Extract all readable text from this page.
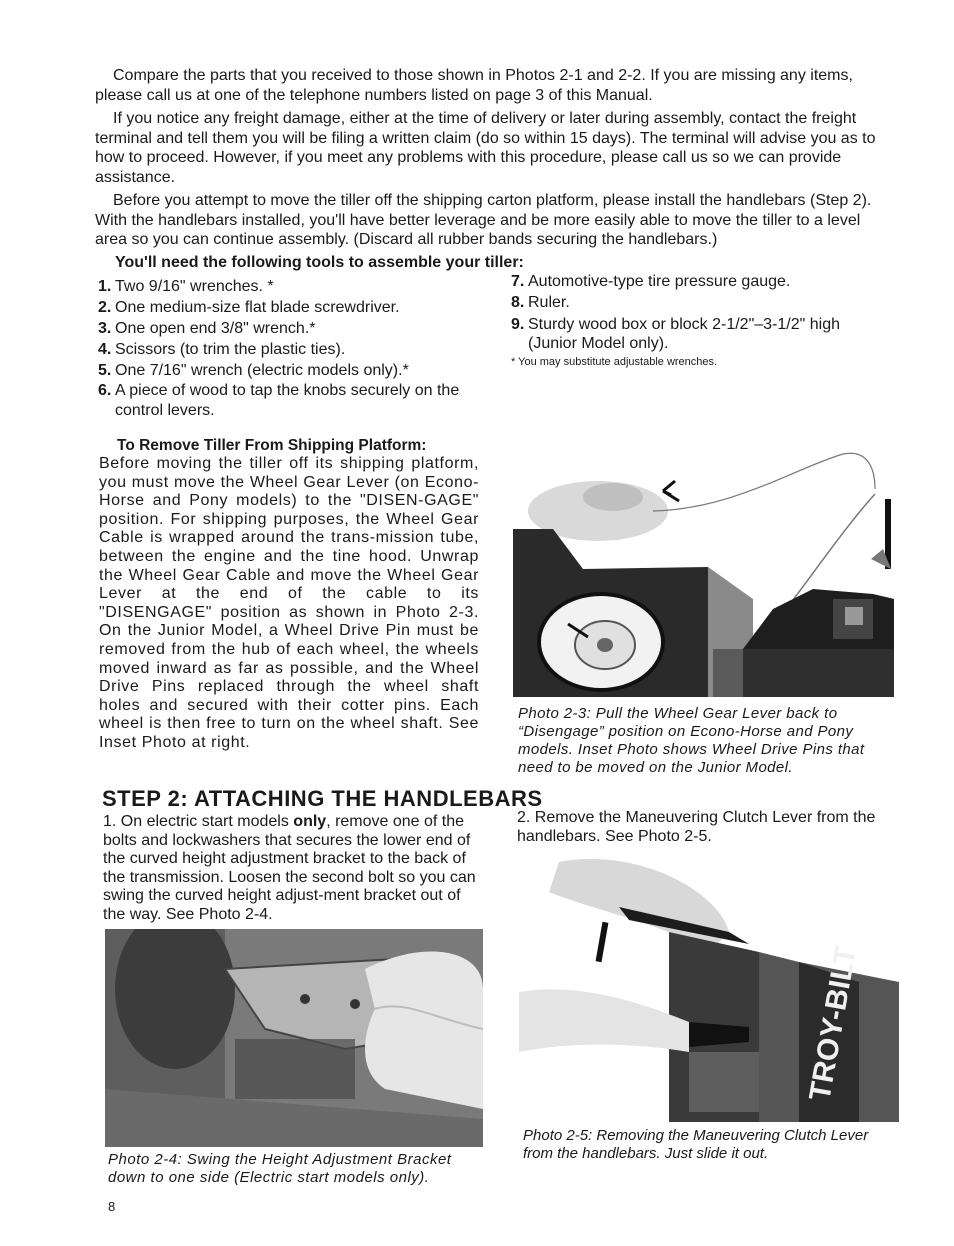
Compare the parts that you received to those shown in Photos 2-1 and 2-2. If you are missing any items, please call us at one of the telephone numbers listed on page 3 of this Manual.

If you notice any freight damage, either at the time of delivery or later during assembly, contact the freight terminal and tell them you will be filing a written claim (do so within 15 days). The terminal will advise you as to how to proceed. However, if you meet any problems with this procedure, please call us so we can provide assistance.

Before you attempt to move the tiller off the shipping carton platform, please install the handlebars (Step 2). With the handlebars installed, you'll have better leverage and be more easily able to move the tiller to a level area so you can continue assembly. (Discard all rubber bands securing the handlebars.)

You'll need the following tools to assemble your tiller:
1. Two 9/16" wrenches. *
2. One medium-size flat blade screwdriver.
3. One open end 3/8" wrench.*
4. Scissors (to trim the plastic ties).
5. One 7/16" wrench (electric models only).*
6. A piece of wood to tap the knobs securely on the control levers.
7. Automotive-type tire pressure gauge.
8. Ruler.
9. Sturdy wood box or block 2-1/2"–3-1/2" high (Junior Model only).
* You may substitute adjustable wrenches.
To Remove Tiller From Shipping Platform:

Before moving the tiller off its shipping platform, you must move the Wheel Gear Lever (on Econo-Horse and Pony models) to the "DISEN-GAGE" position. For shipping purposes, the Wheel Gear Cable is wrapped around the trans-mission tube, between the engine and the tine hood. Unwrap the Wheel Gear Cable and move the Wheel Gear Lever at the end of the cable to its "DISENGAGE" position as shown in Photo 2-3. On the Junior Model, a Wheel Drive Pin must be removed from the hub of each wheel, the wheels moved inward as far as possible, and the Wheel Drive Pins replaced through the wheel shaft holes and secured with their cotter pins. Each wheel is then free to turn on the wheel shaft. See Inset Photo at right.

Photo 2-3: Pull the Wheel Gear Lever back to “Disengage” position on Econo-Horse and Pony models. Inset Photo shows Wheel Drive Pins that need to be moved on the Junior Model.

STEP 2: ATTACHING THE HANDLEBARS

1. On electric start models only, remove one of the bolts and lockwashers that secures the lower end of the curved height adjustment bracket to the back of the transmission. Loosen the second bolt so you can swing the curved height adjust-ment bracket out of the way. See Photo 2-4.

2. Remove the Maneuvering Clutch Lever from the handlebars. See Photo 2-5.

Photo 2-4: Swing the Height Adjustment Bracket down to one side (Electric start models only).

TROY-BILT

Photo 2-5: Removing the Maneuvering Clutch Lever from the handlebars. Just slide it out.

8
